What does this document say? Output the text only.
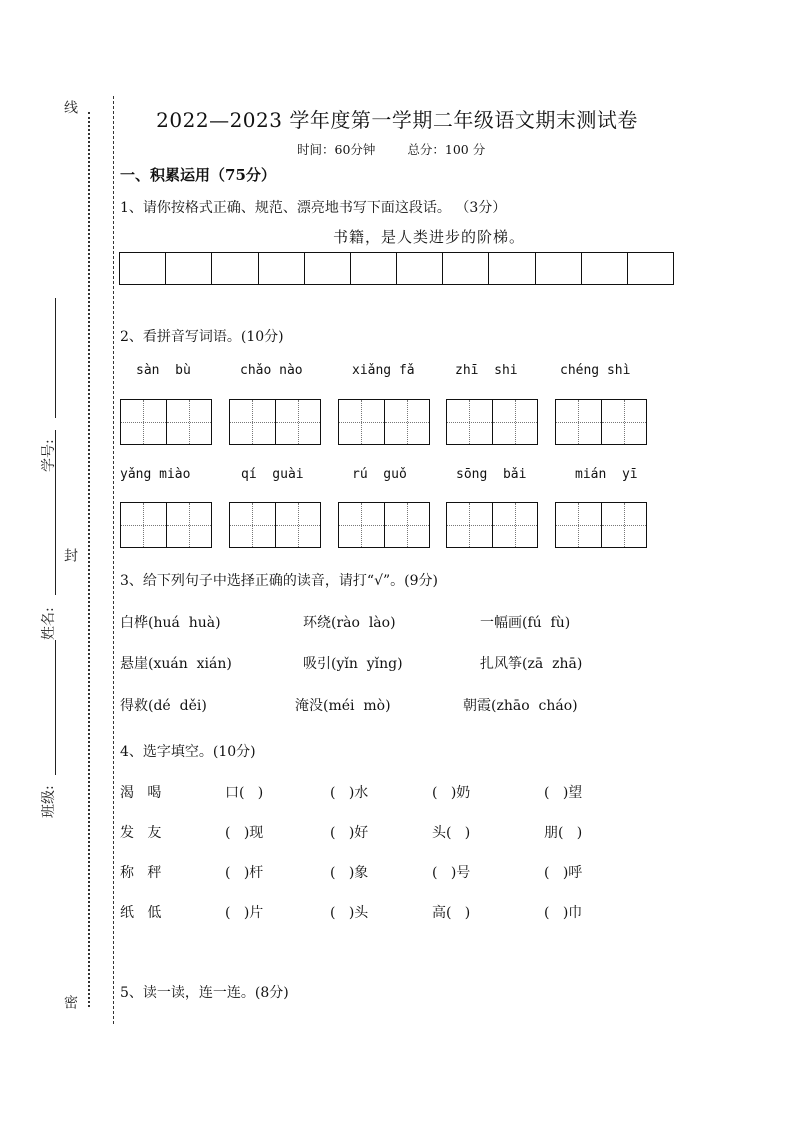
线
学号:
封
姓名:
班级:
密
2022—2023 学年度第一学期二年级语文期末测试卷
时间：60分钟	总分：100 分
一、积累运用（75分）
1、请你按格式正确、规范、漂亮地书写下面这段话。 （3分）
书籍，是人类进步的阶梯。
2、看拼音写词语。(10分)
sàn  bù	chǎo nào	xiǎng fǎ	zhī  shi	chéng shì
yǎng miào	qí  guài	rú  guǒ	sōng  bǎi	mián  yī
3、给下列句子中选择正确的读音，请打“√”。(9分)
白桦(huá  huà)	环绕(rào  lào)	一幅画(fú  fù)
悬崖(xuán  xián)	吸引(yǐn  yǐng)	扎风筝(zā  zhā)
得救(dé  děi)	淹没(méi  mò)	朝霞(zhāo  cháo)
4、选字填空。(10分)
渴   喝	口(   )	(   )水	(   )奶	(   )望
发   友	(   )现	(   )好	头(   )	朋(   )
称   秤	(   )杆	(   )象	(   )号	(   )呼
纸   低	(   )片	(   )头	高(   )	(   )巾
5、读一读，连一连。(8分)
